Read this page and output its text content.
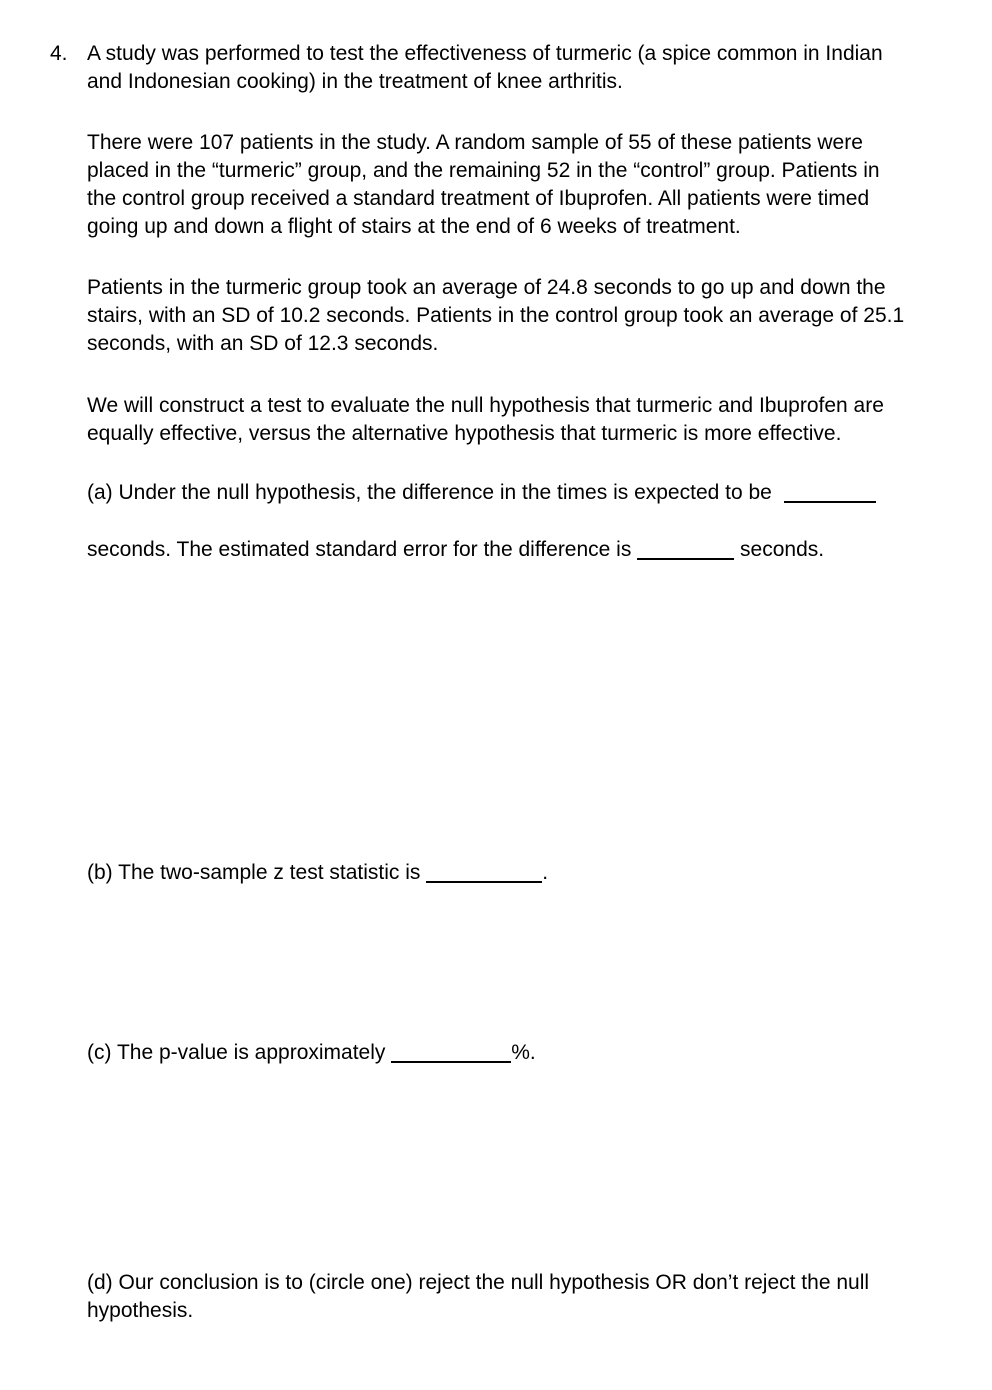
4. A study was performed to test the effectiveness of turmeric (a spice common in Indian
and Indonesian cooking) in the treatment of knee arthritis.
There were 107 patients in the study. A random sample of 55 of these patients were
placed in the “turmeric” group, and the remaining 52 in the “control” group. Patients in
the control group received a standard treatment of Ibuprofen. All patients were timed
going up and down a flight of stairs at the end of 6 weeks of treatment.
Patients in the turmeric group took an average of 24.8 seconds to go up and down the
stairs, with an SD of 10.2 seconds. Patients in the control group took an average of 25.1
seconds, with an SD of 12.3 seconds.
We will construct a test to evaluate the null hypothesis that turmeric and Ibuprofen are
equally effective, versus the alternative hypothesis that turmeric is more effective.
(a) Under the null hypothesis, the difference in the times is expected to be
seconds. The estimated standard error for the difference is	seconds.
(b) The two-sample z test statistic is	.
(c) The p-value is approximately	%.
(d) Our conclusion is to (circle one) reject the null hypothesis OR don’t reject the null
hypothesis.
